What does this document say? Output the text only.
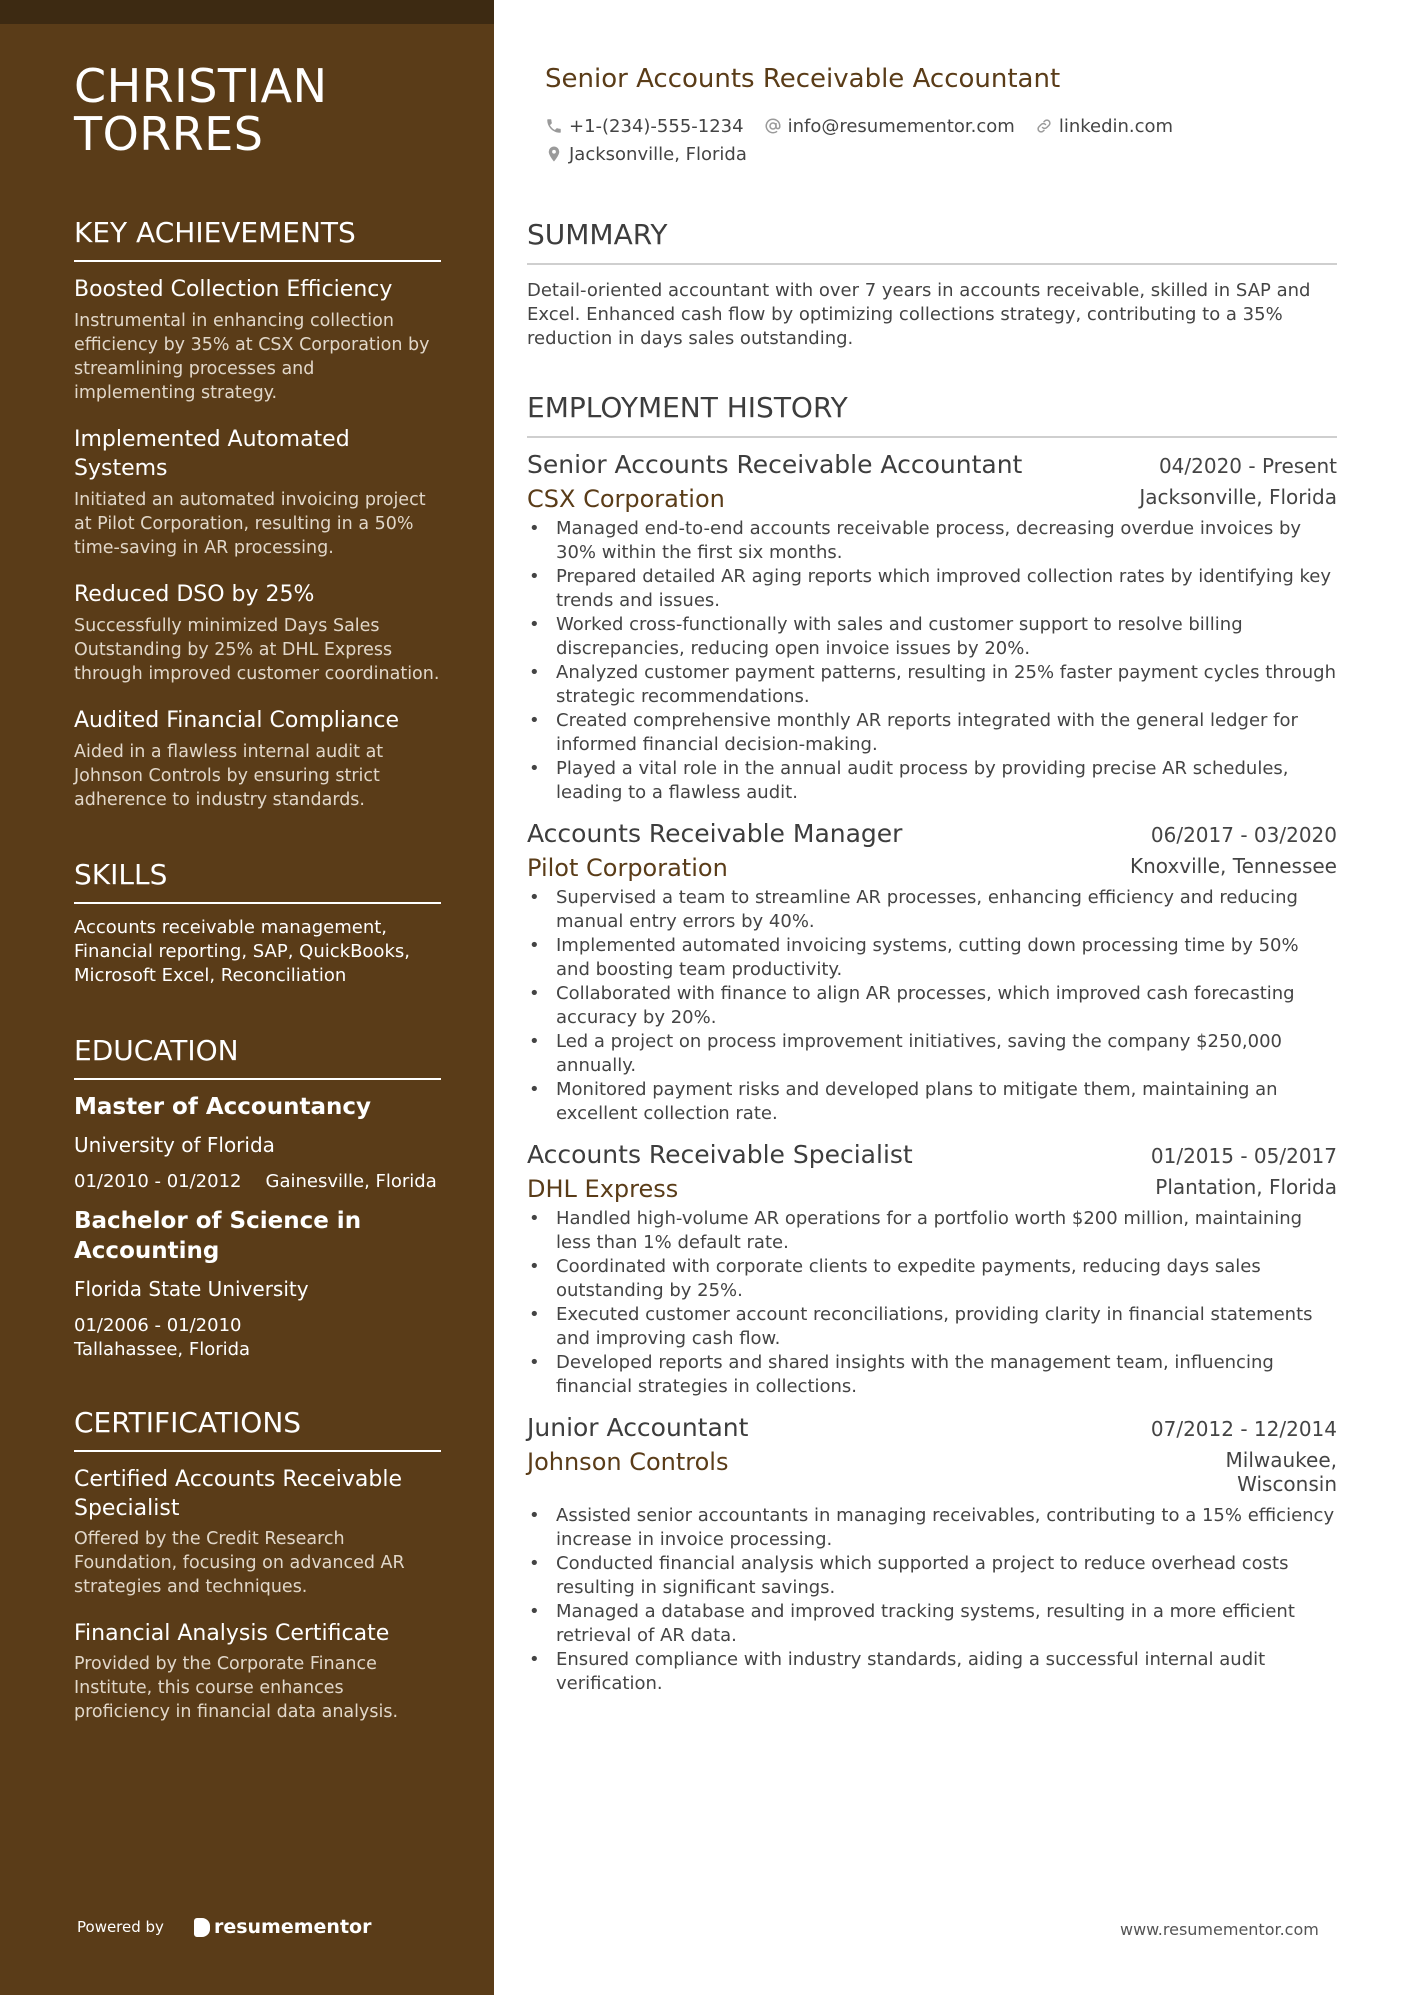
CHRISTIAN
TORRES
KEY ACHIEVEMENTS
Boosted Collection Efficiency
Instrumental in enhancing collection efficiency by 35% at CSX Corporation by streamlining processes and implementing strategy.
Implemented Automated Systems
Initiated an automated invoicing project at Pilot Corporation, resulting in a 50% time-saving in AR processing.
Reduced DSO by 25%
Successfully minimized Days Sales Outstanding by 25% at DHL Express through improved customer coordination.
Audited Financial Compliance
Aided in a flawless internal audit at Johnson Controls by ensuring strict adherence to industry standards.
SKILLS
Accounts receivable management, Financial reporting, SAP, QuickBooks, Microsoft Excel, Reconciliation
EDUCATION
Master of Accountancy
University of Florida
01/2010 - 01/2012 Gainesville, Florida
Bachelor of Science in Accounting
Florida State University
01/2006 - 01/2010
Tallahassee, Florida
CERTIFICATIONS
Certified Accounts Receivable Specialist
Offered by the Credit Research Foundation, focusing on advanced AR strategies and techniques.
Financial Analysis Certificate
Provided by the Corporate Finance Institute, this course enhances proficiency in financial data analysis.
Powered by	resumementor
Senior Accounts Receivable Accountant
+1-(234)-555-1234 info@resumementor.com linkedin.com
Jacksonville, Florida
SUMMARY
Detail-oriented accountant with over 7 years in accounts receivable, skilled in SAP and Excel. Enhanced cash flow by optimizing collections strategy, contributing to a 35% reduction in days sales outstanding.
EMPLOYMENT HISTORY
Senior Accounts Receivable Accountant	04/2020 - Present
CSX Corporation	Jacksonville, Florida
• Managed end-to-end accounts receivable process, decreasing overdue invoices by 30% within the first six months.
• Prepared detailed AR aging reports which improved collection rates by identifying key trends and issues.
• Worked cross-functionally with sales and customer support to resolve billing discrepancies, reducing open invoice issues by 20%.
• Analyzed customer payment patterns, resulting in 25% faster payment cycles through strategic recommendations.
• Created comprehensive monthly AR reports integrated with the general ledger for informed financial decision-making.
• Played a vital role in the annual audit process by providing precise AR schedules, leading to a flawless audit.
Accounts Receivable Manager	06/2017 - 03/2020
Pilot Corporation	Knoxville, Tennessee
• Supervised a team to streamline AR processes, enhancing efficiency and reducing manual entry errors by 40%.
• Implemented automated invoicing systems, cutting down processing time by 50% and boosting team productivity.
• Collaborated with finance to align AR processes, which improved cash forecasting accuracy by 20%.
• Led a project on process improvement initiatives, saving the company $250,000 annually.
• Monitored payment risks and developed plans to mitigate them, maintaining an excellent collection rate.
Accounts Receivable Specialist	01/2015 - 05/2017
DHL Express	Plantation, Florida
• Handled high-volume AR operations for a portfolio worth $200 million, maintaining less than 1% default rate.
• Coordinated with corporate clients to expedite payments, reducing days sales outstanding by 25%.
• Executed customer account reconciliations, providing clarity in financial statements and improving cash flow.
• Developed reports and shared insights with the management team, influencing financial strategies in collections.
Junior Accountant	07/2012 - 12/2014
Johnson Controls	Milwaukee,
Wisconsin
• Assisted senior accountants in managing receivables, contributing to a 15% efficiency increase in invoice processing.
• Conducted financial analysis which supported a project to reduce overhead costs resulting in significant savings.
• Managed a database and improved tracking systems, resulting in a more efficient retrieval of AR data.
• Ensured compliance with industry standards, aiding a successful internal audit verification.
www.resumementor.com
